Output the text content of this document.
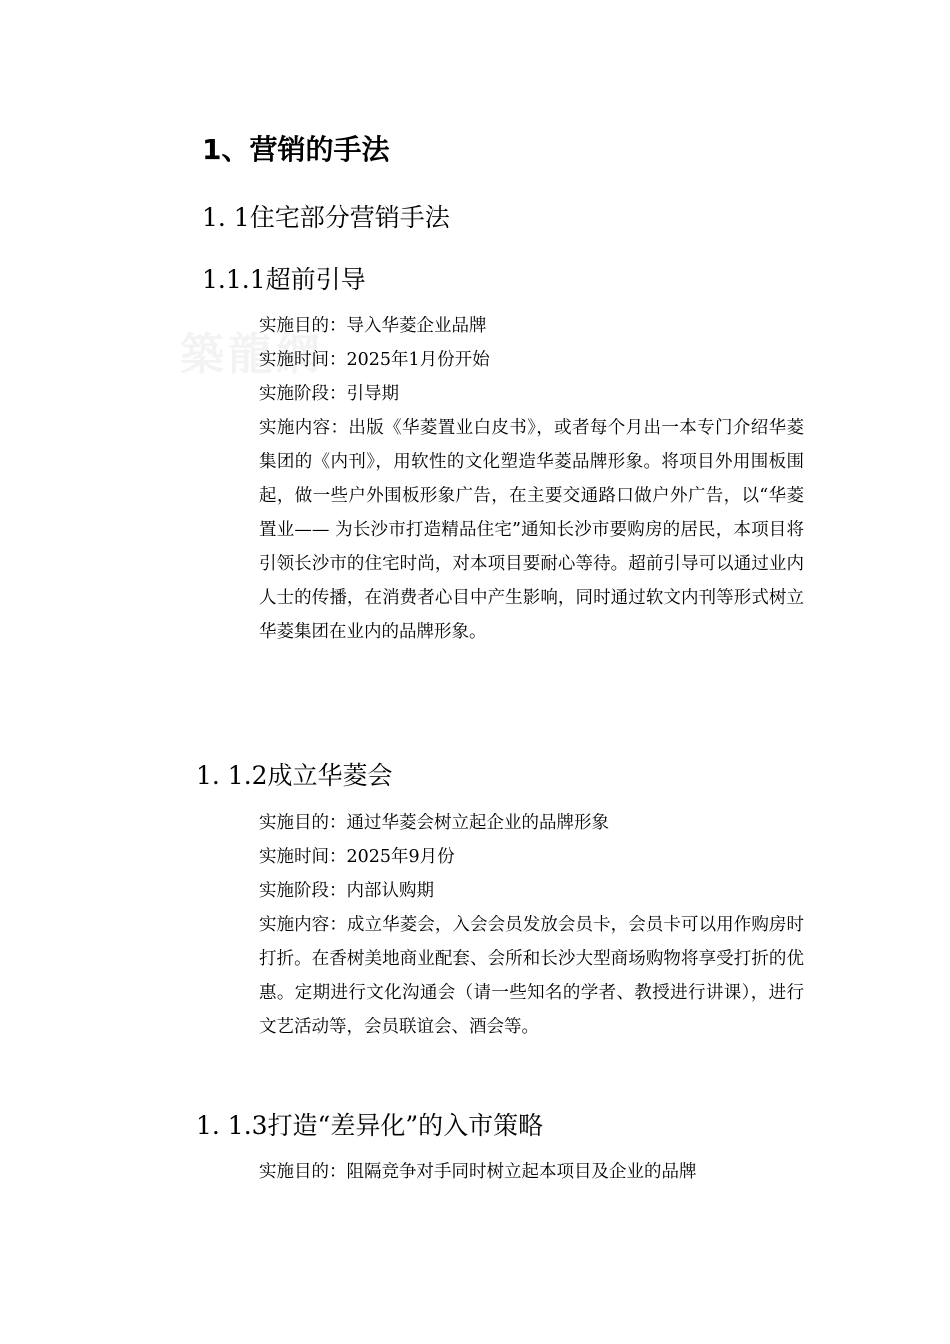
築龍網
1、营销的手法
1. 1住宅部分营销手法
1.1.1超前引导
实施目的：导入华菱企业品牌
实施时间：2025年1月份开始
实施阶段：引导期
实施内容：出版《华菱置业白皮书》，或者每个月出一本专门介绍华菱集团的《内刊》，用软性的文化塑造华菱品牌形象。将项目外用围板围起，做一些户外围板形象广告，在主要交通路口做户外广告，以“华菱置业—— 为长沙市打造精品住宅”通知长沙市要购房的居民，本项目将引领长沙市的住宅时尚，对本项目要耐心等待。超前引导可以通过业内人士的传播，在消费者心目中产生影响，同时通过软文内刊等形式树立华菱集团在业内的品牌形象。
1. 1.2成立华菱会
实施目的：通过华菱会树立起企业的品牌形象
实施时间：2025年9月份
实施阶段：内部认购期
实施内容：成立华菱会，入会会员发放会员卡，会员卡可以用作购房时打折。在香树美地商业配套、会所和长沙大型商场购物将享受打折的优惠。定期进行文化沟通会（请一些知名的学者、教授进行讲课），进行文艺活动等，会员联谊会、酒会等。
1. 1.3打造“差异化”的入市策略
实施目的：阻隔竞争对手同时树立起本项目及企业的品牌
